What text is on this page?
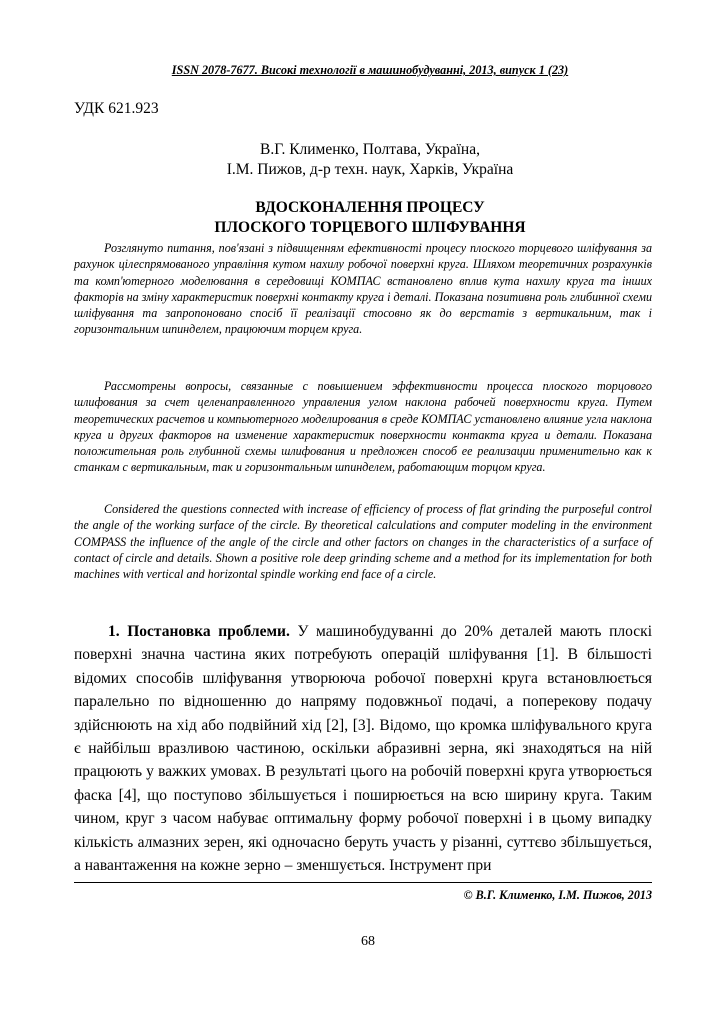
ISSN 2078-7677. Високі технології в машинобудуванні, 2013, випуск 1 (23)
УДК 621.923
В.Г. Клименко, Полтава, Україна,
І.М. Пижов, д-р техн. наук, Харків, Україна
ВДОСКОНАЛЕННЯ ПРОЦЕСУ
ПЛОСКОГО ТОРЦЕВОГО ШЛІФУВАННЯ

Розглянуто питання, пов'язані з підвищенням ефективності процесу плоского торцевого шліфування за рахунок цілеспрямованого управління кутом нахилу робочої поверхні круга. Шляхом теоретичних розрахунків та комп'ютерного моделювання в середовищі КОМПАС встановлено вплив кута нахилу круга та інших факторів на зміну характеристик поверхні контакту круга і деталі. Показана позитивна роль глибинної схеми шліфування та запропоновано спосіб її реалізації стосовно як до верстатів з вертикальним, так і горизонтальним шпинделем, працюючим торцем круга.

Рассмотрены вопросы, связанные с повышением эффективности процесса плоского торцового шлифования за счет целенаправленного управления углом наклона рабочей поверхности круга. Путем теоретических расчетов и компьютерного моделирования в среде КОМПАС установлено влияние угла наклона круга и других факторов на изменение характеристик поверхности контакта круга и детали. Показана положительная роль глубинной схемы шлифования и предложен способ ее реализации применительно как к станкам с вертикальным, так и горизонтальным шпинделем, работающим торцом круга.

Considered the questions connected with increase of efficiency of process of flat grinding the purposeful control the angle of the working surface of the circle. By theoretical calculations and computer modeling in the environment COMPASS the influence of the angle of the circle and other factors on changes in the characteristics of a surface of contact of circle and details. Shown a positive role deep grinding scheme and a method for its implementation for both machines with vertical and horizontal spindle working end face of a circle.

1. Постановка проблеми. У машинобудуванні до 20% деталей мають плоскі поверхні значна частина яких потребують операцій шліфування [1]. В більшості відомих способів шліфування утворююча робочої поверхні круга встановлюється паралельно по відношенню до напряму подовжньої подачі, а поперекову подачу здійснюють на хід або подвійний хід [2], [3]. Відомо, що кромка шліфувального круга є найбільш вразливою частиною, оскільки абразивні зерна, які знаходяться на ній працюють у важких умовах. В результаті цього на робочій поверхні круга утворюється фаска [4], що поступово збільшується і поширюється на всю ширину круга. Таким чином, круг з часом набуває оптимальну форму робочої поверхні і в цьому випадку кількість алмазних зерен, які одночасно беруть участь у різанні, суттєво збільшується, а навантаження на кожне зерно – зменшується. Інструмент при

© В.Г. Клименко, І.М. Пижов, 2013
68
